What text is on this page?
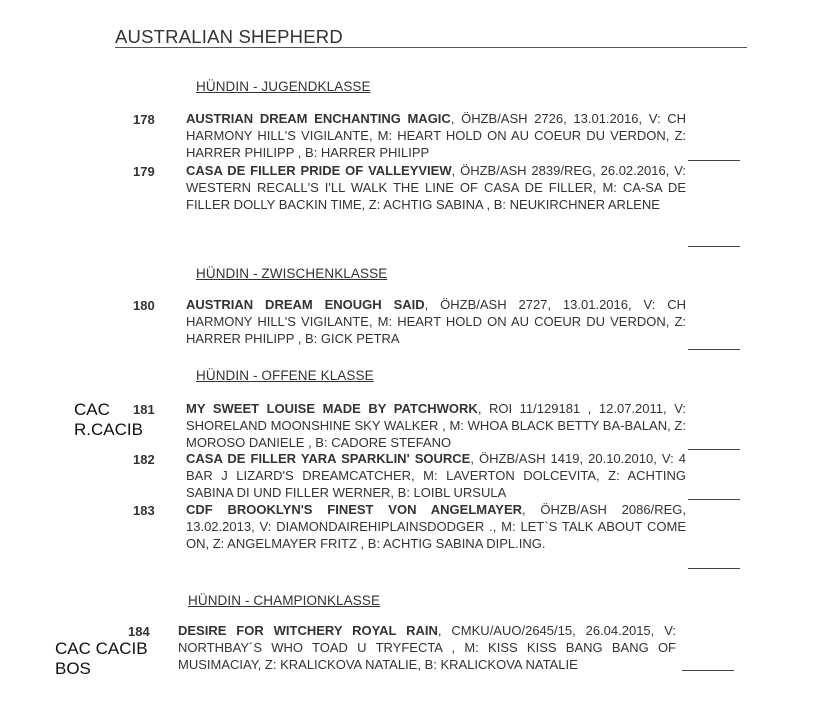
AUSTRALIAN SHEPHERD
HÜNDIN - JUGENDKLASSE
178 AUSTRIAN DREAM ENCHANTING MAGIC, ÖHZB/ASH 2726, 13.01.2016, V: CH HARMONY HILL'S VIGILANTE, M: HEART HOLD ON AU COEUR DU VERDON, Z: HARRER PHILIPP , B: HARRER PHILIPP
179 CASA DE FILLER PRIDE OF VALLEYVIEW, ÖHZB/ASH 2839/REG, 26.02.2016, V: WESTERN RECALL'S I'LL WALK THE LINE OF CASA DE FILLER, M: CA-SA DE FILLER DOLLY BACKIN TIME, Z: ACHTIG SABINA , B: NEUKIRCHNER ARLENE
HÜNDIN - ZWISCHENKLASSE
180 AUSTRIAN DREAM ENOUGH SAID, ÖHZB/ASH 2727, 13.01.2016, V: CH HARMONY HILL'S VIGILANTE, M: HEART HOLD ON AU COEUR DU VERDON, Z: HARRER PHILIPP , B: GICK PETRA
HÜNDIN - OFFENE KLASSE
CAC
R.CACIB
181 MY SWEET LOUISE MADE BY PATCHWORK, ROI 11/129181 , 12.07.2011, V: SHORELAND MOONSHINE SKY WALKER , M: WHOA BLACK BETTY BA-BALAN, Z: MOROSO DANIELE , B: CADORE STEFANO
182 CASA DE FILLER YARA SPARKLIN' SOURCE, ÖHZB/ASH 1419, 20.10.2010, V: 4 BAR J LIZARD'S DREAMCATCHER, M: LAVERTON DOLCEVITA, Z: ACHTING SABINA DI UND FILLER WERNER, B: LOIBL URSULA
183 CDF BROOKLYN'S FINEST VON ANGELMAYER, ÖHZB/ASH 2086/REG, 13.02.2013, V: DIAMONDAIREHIPLAINSDODGER ., M: LET`S TALK ABOUT COME ON, Z: ANGELMAYER FRITZ , B: ACHTIG SABINA DIPL.ING.
HÜNDIN - CHAMPIONKLASSE
184
CAC CACIB
BOS
DESIRE FOR WITCHERY ROYAL RAIN, CMKU/AUO/2645/15, 26.04.2015, V: NORTHBAY´S WHO TOAD U TRYFECTA , M: KISS KISS BANG BANG OF MUSIMACIAY, Z: KRALICKOVA NATALIE, B: KRALICKOVA NATALIE
